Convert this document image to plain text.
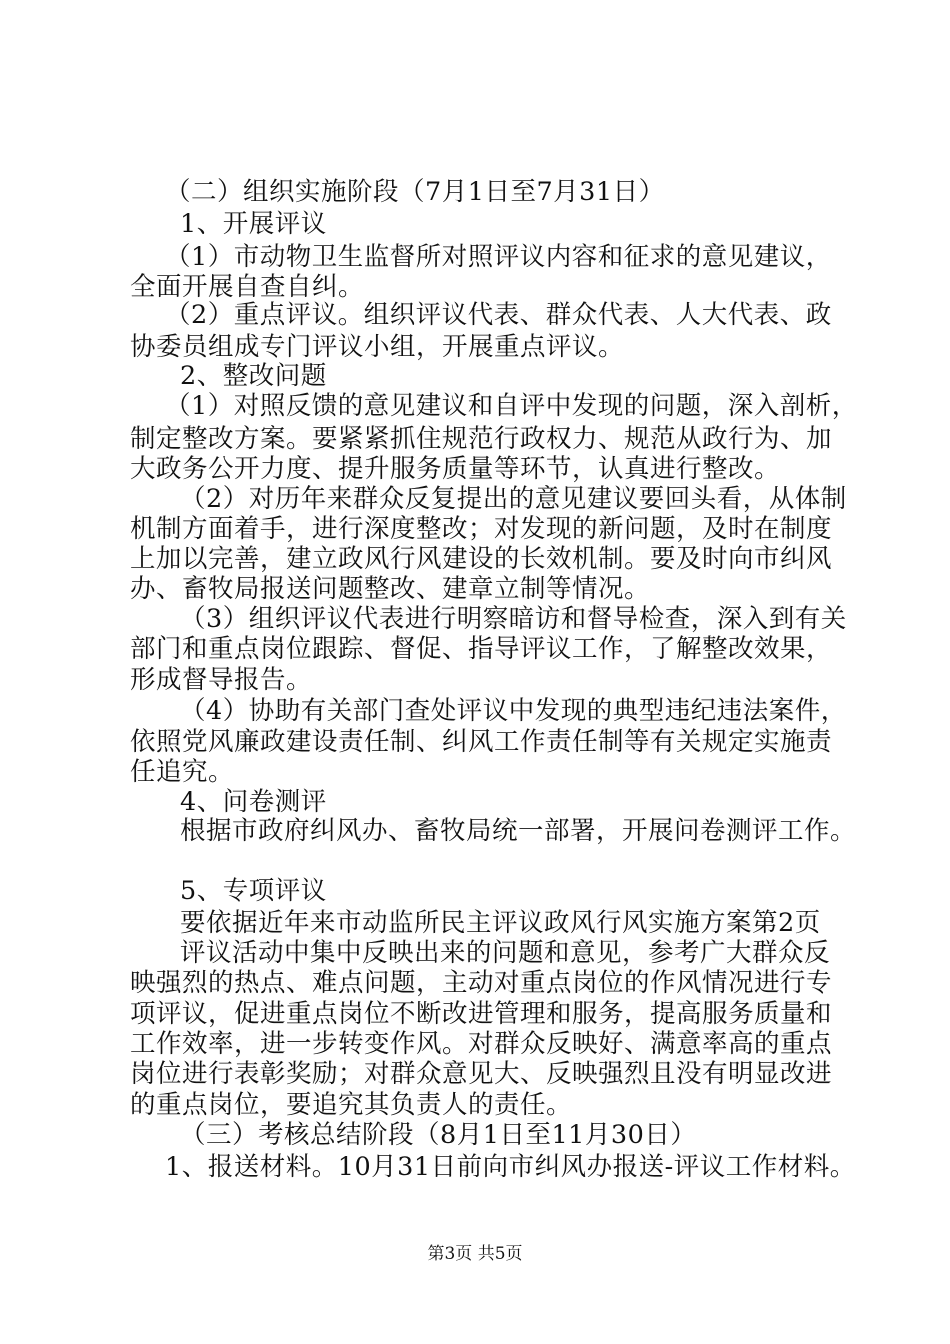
（二）组织实施阶段（7月1日至7月31日）
1、开展评议
（1）市动物卫生监督所对照评议内容和征求的意见建议，
全面开展自查自纠。
（2）重点评议。组织评议代表、群众代表、人大代表、政
协委员组成专门评议小组，开展重点评议。
2、整改问题
（1）对照反馈的意见建议和自评中发现的问题，深入剖析，
制定整改方案。要紧紧抓住规范行政权力、规范从政行为、加
大政务公开力度、提升服务质量等环节，认真进行整改。
（2）对历年来群众反复提出的意见建议要回头看，从体制
机制方面着手，进行深度整改；对发现的新问题，及时在制度
上加以完善，建立政风行风建设的长效机制。要及时向市纠风
办、畜牧局报送问题整改、建章立制等情况。
（3）组织评议代表进行明察暗访和督导检查，深入到有关
部门和重点岗位跟踪、督促、指导评议工作，了解整改效果，
形成督导报告。
（4）协助有关部门查处评议中发现的典型违纪违法案件，
依照党风廉政建设责任制、纠风工作责任制等有关规定实施责
任追究。
4、问卷测评
根据市政府纠风办、畜牧局统一部署，开展问卷测评工作。
5、专项评议
要依据近年来市动监所民主评议政风行风实施方案第2页
评议活动中集中反映出来的问题和意见，参考广大群众反
映强烈的热点、难点问题，主动对重点岗位的作风情况进行专
项评议，促进重点岗位不断改进管理和服务，提高服务质量和
工作效率，进一步转变作风。对群众反映好、满意率高的重点
岗位进行表彰奖励；对群众意见大、反映强烈且没有明显改进
的重点岗位，要追究其负责人的责任。
（三）考核总结阶段（8月1日至11月30日）
1、报送材料。10月31日前向市纠风办报送-评议工作材料。
第3页 共5页
